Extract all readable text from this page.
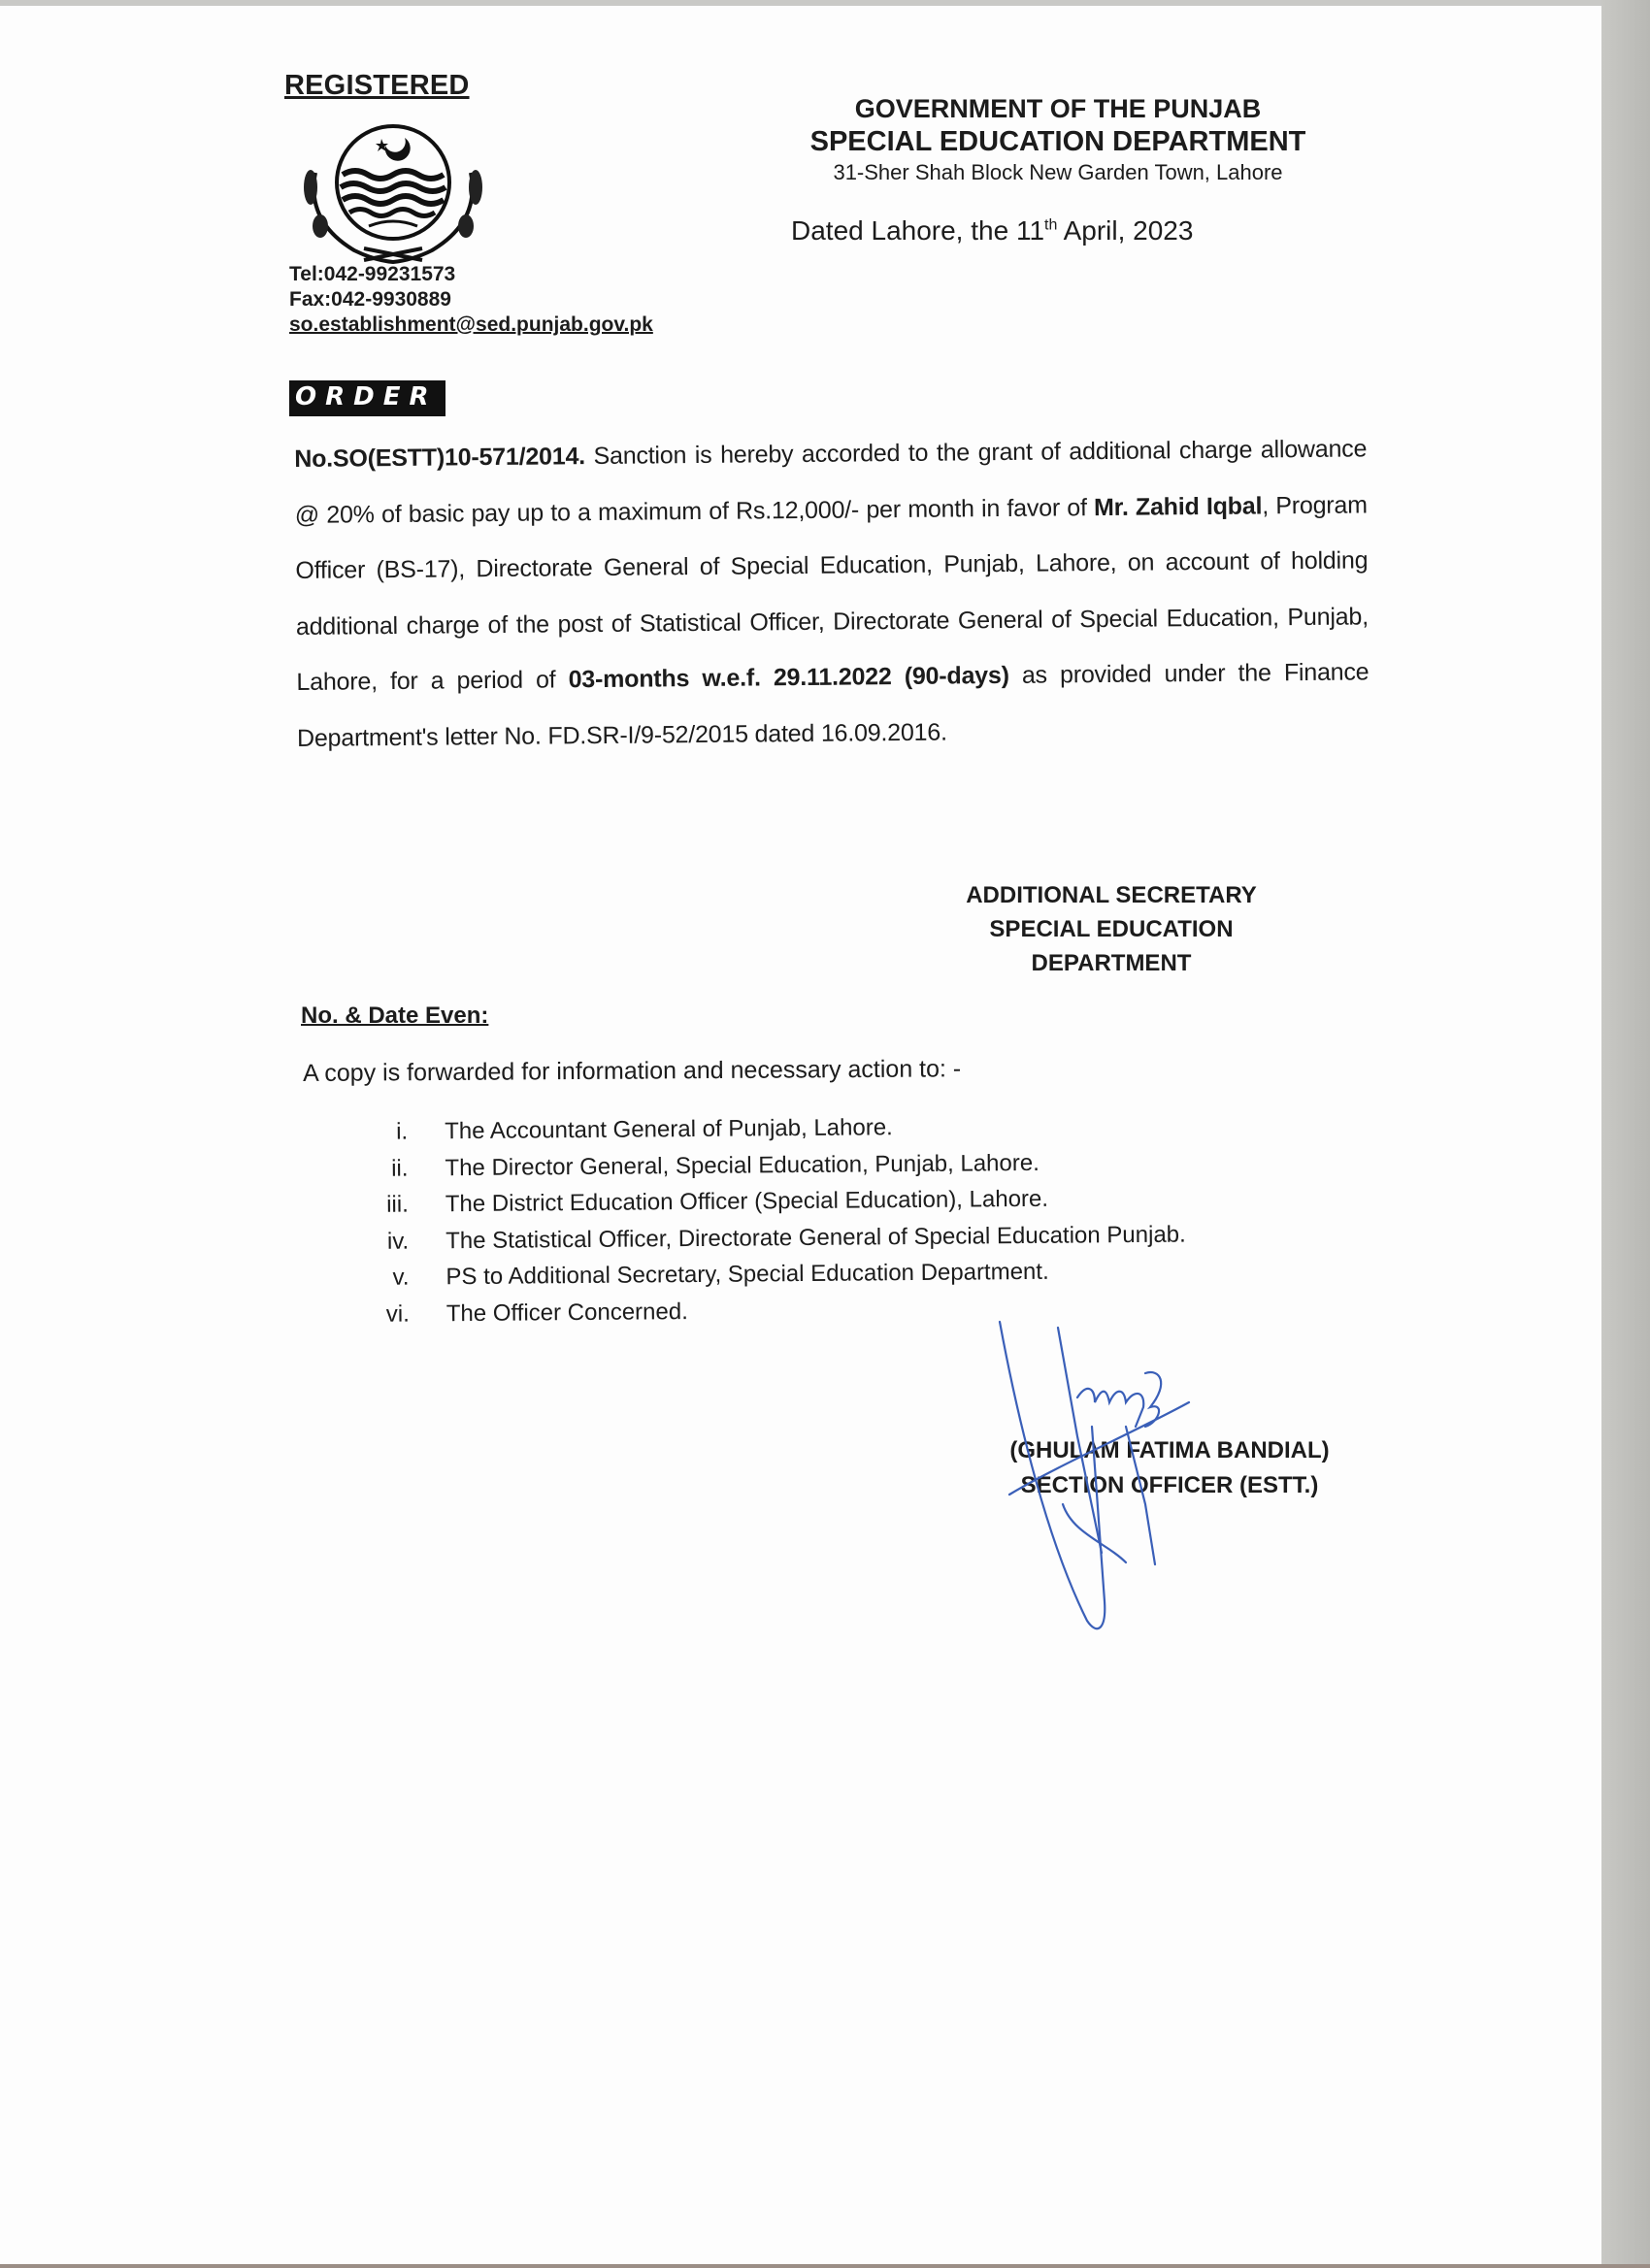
REGISTERED
Tel:042-99231573
Fax:042-9930889
so.establishment@sed.punjab.gov.pk
GOVERNMENT OF THE PUNJAB
SPECIAL EDUCATION DEPARTMENT
31-Sher Shah Block New Garden Town, Lahore
Dated Lahore, the 11th April, 2023
ORDER
No.SO(ESTT)10-571/2014. Sanction is hereby accorded to the grant of additional charge allowance @ 20% of basic pay up to a maximum of Rs.12,000/- per month in favor of Mr. Zahid Iqbal, Program Officer (BS-17), Directorate General of Special Education, Punjab, Lahore, on account of holding additional charge of the post of Statistical Officer, Directorate General of Special Education, Punjab, Lahore, for a period of 03-months w.e.f. 29.11.2022 (90-days) as provided under the Finance Department's letter No. FD.SR-I/9-52/2015 dated 16.09.2016.
ADDITIONAL SECRETARY
SPECIAL EDUCATION
DEPARTMENT
No. & Date Even:
A copy is forwarded for information and necessary action to: -
i.	The Accountant General of Punjab, Lahore.
ii.	The Director General, Special Education, Punjab, Lahore.
iii.	The District Education Officer (Special Education), Lahore.
iv.	The Statistical Officer, Directorate General of Special Education Punjab.
v.	PS to Additional Secretary, Special Education Department.
vi.	The Officer Concerned.
(GHULAM FATIMA BANDIAL)
SECTION OFFICER (ESTT.)
